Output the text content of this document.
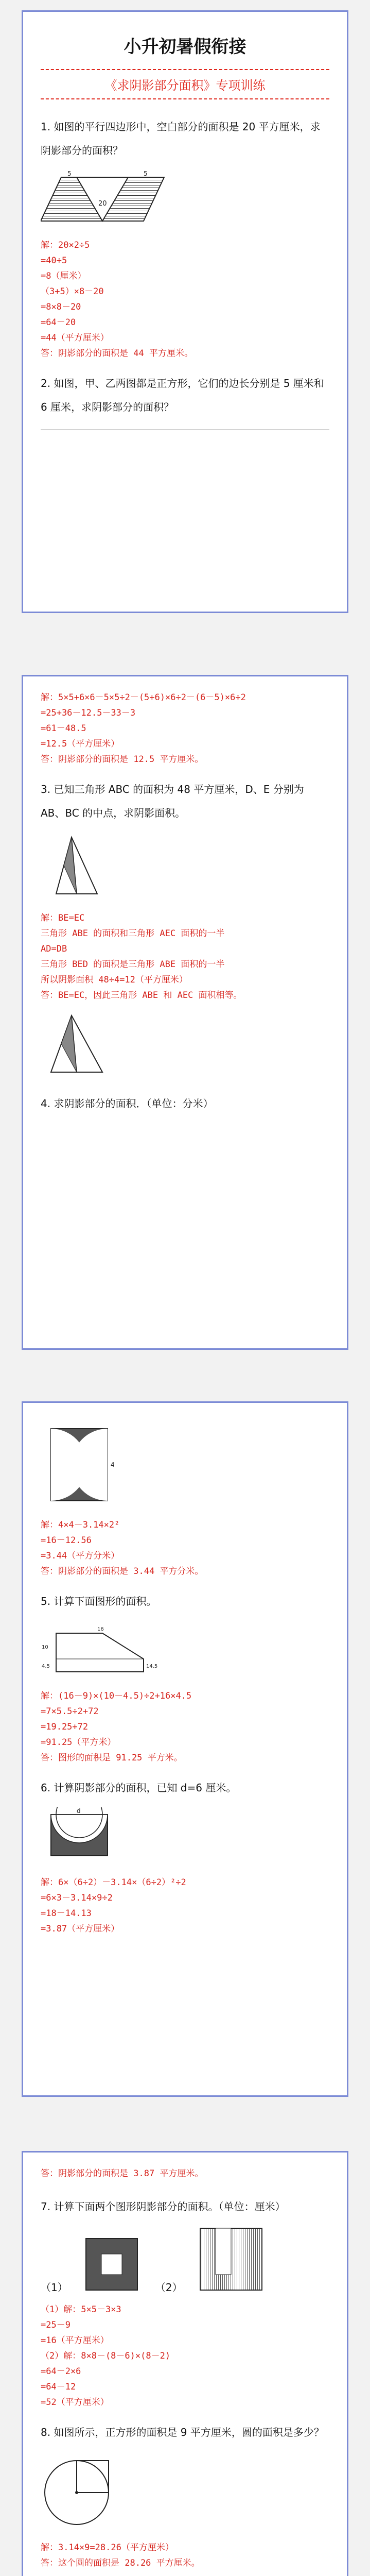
小升初暑假衔接
《求阴影部分面积》专项训练

1. 如图的平行四边形中，空白部分的面积是 20 平方厘米，求阴影部分的面积？

5
20
5

解：20×2÷5

=40÷5

=8（厘米）

（3+5）×8－20

=8×8－20

=64－20

=44（平方厘米）

答：阴影部分的面积是 44 平方厘米。

2. 如图，甲、乙两图都是正方形，它们的边长分别是 5 厘米和 6 厘米，求阴影部分的面积？

解：5×5+6×6－5×5÷2－(5+6)×6÷2－(6－5)×6÷2

=25+36－12.5－33－3

=61－48.5

=12.5（平方厘米）

答：阴影部分的面积是 12.5 平方厘米。

3. 已知三角形 ABC 的面积为 48 平方厘米，D、E 分别为 AB、BC 的中点，求阴影面积。

解：BE=EC

三角形 ABE 的面积和三角形 AEC 面积的一半

AD=DB

三角形 BED 的面积是三角形 ABE 面积的一半

所以阴影面积 48÷4=12（平方厘米）

答：BE=EC，因此三角形 ABE 和 AEC 面积相等。

4. 求阴影部分的面积．（单位：分米）

4

解：4×4－3.14×2²

=16－12.56

=3.44（平方分米）

答：阴影部分的面积是 3.44 平方分米。

5. 计算下面图形的面积。

4.5
10
16
14.5

解：(16－9)×(10－4.5)÷2+16×4.5

=7×5.5÷2+72

=19.25+72

=91.25（平方米）

答：图形的面积是 91.25 平方米。

6. 计算阴影部分的面积，已知 d=6 厘米。

d

解：6×（6÷2）－3.14×（6÷2）²÷2

=6×3－3.14×9÷2

=18－14.13

=3.87（平方厘米）

答：阴影部分的面积是 3.87 平方厘米。

7. 计算下面两个图形阴影部分的面积。（单位：厘米）

（1）	（2）

（1）解：5×5－3×3

=25－9

=16（平方厘米）

（2）解：8×8－(8－6)×(8－2)

=64－2×6

=64－12

=52（平方厘米）

8. 如图所示，正方形的面积是 9 平方厘米，圆的面积是多少？

解：3.14×9=28.26（平方厘米）

答：这个圆的面积是 28.26 平方厘米。
